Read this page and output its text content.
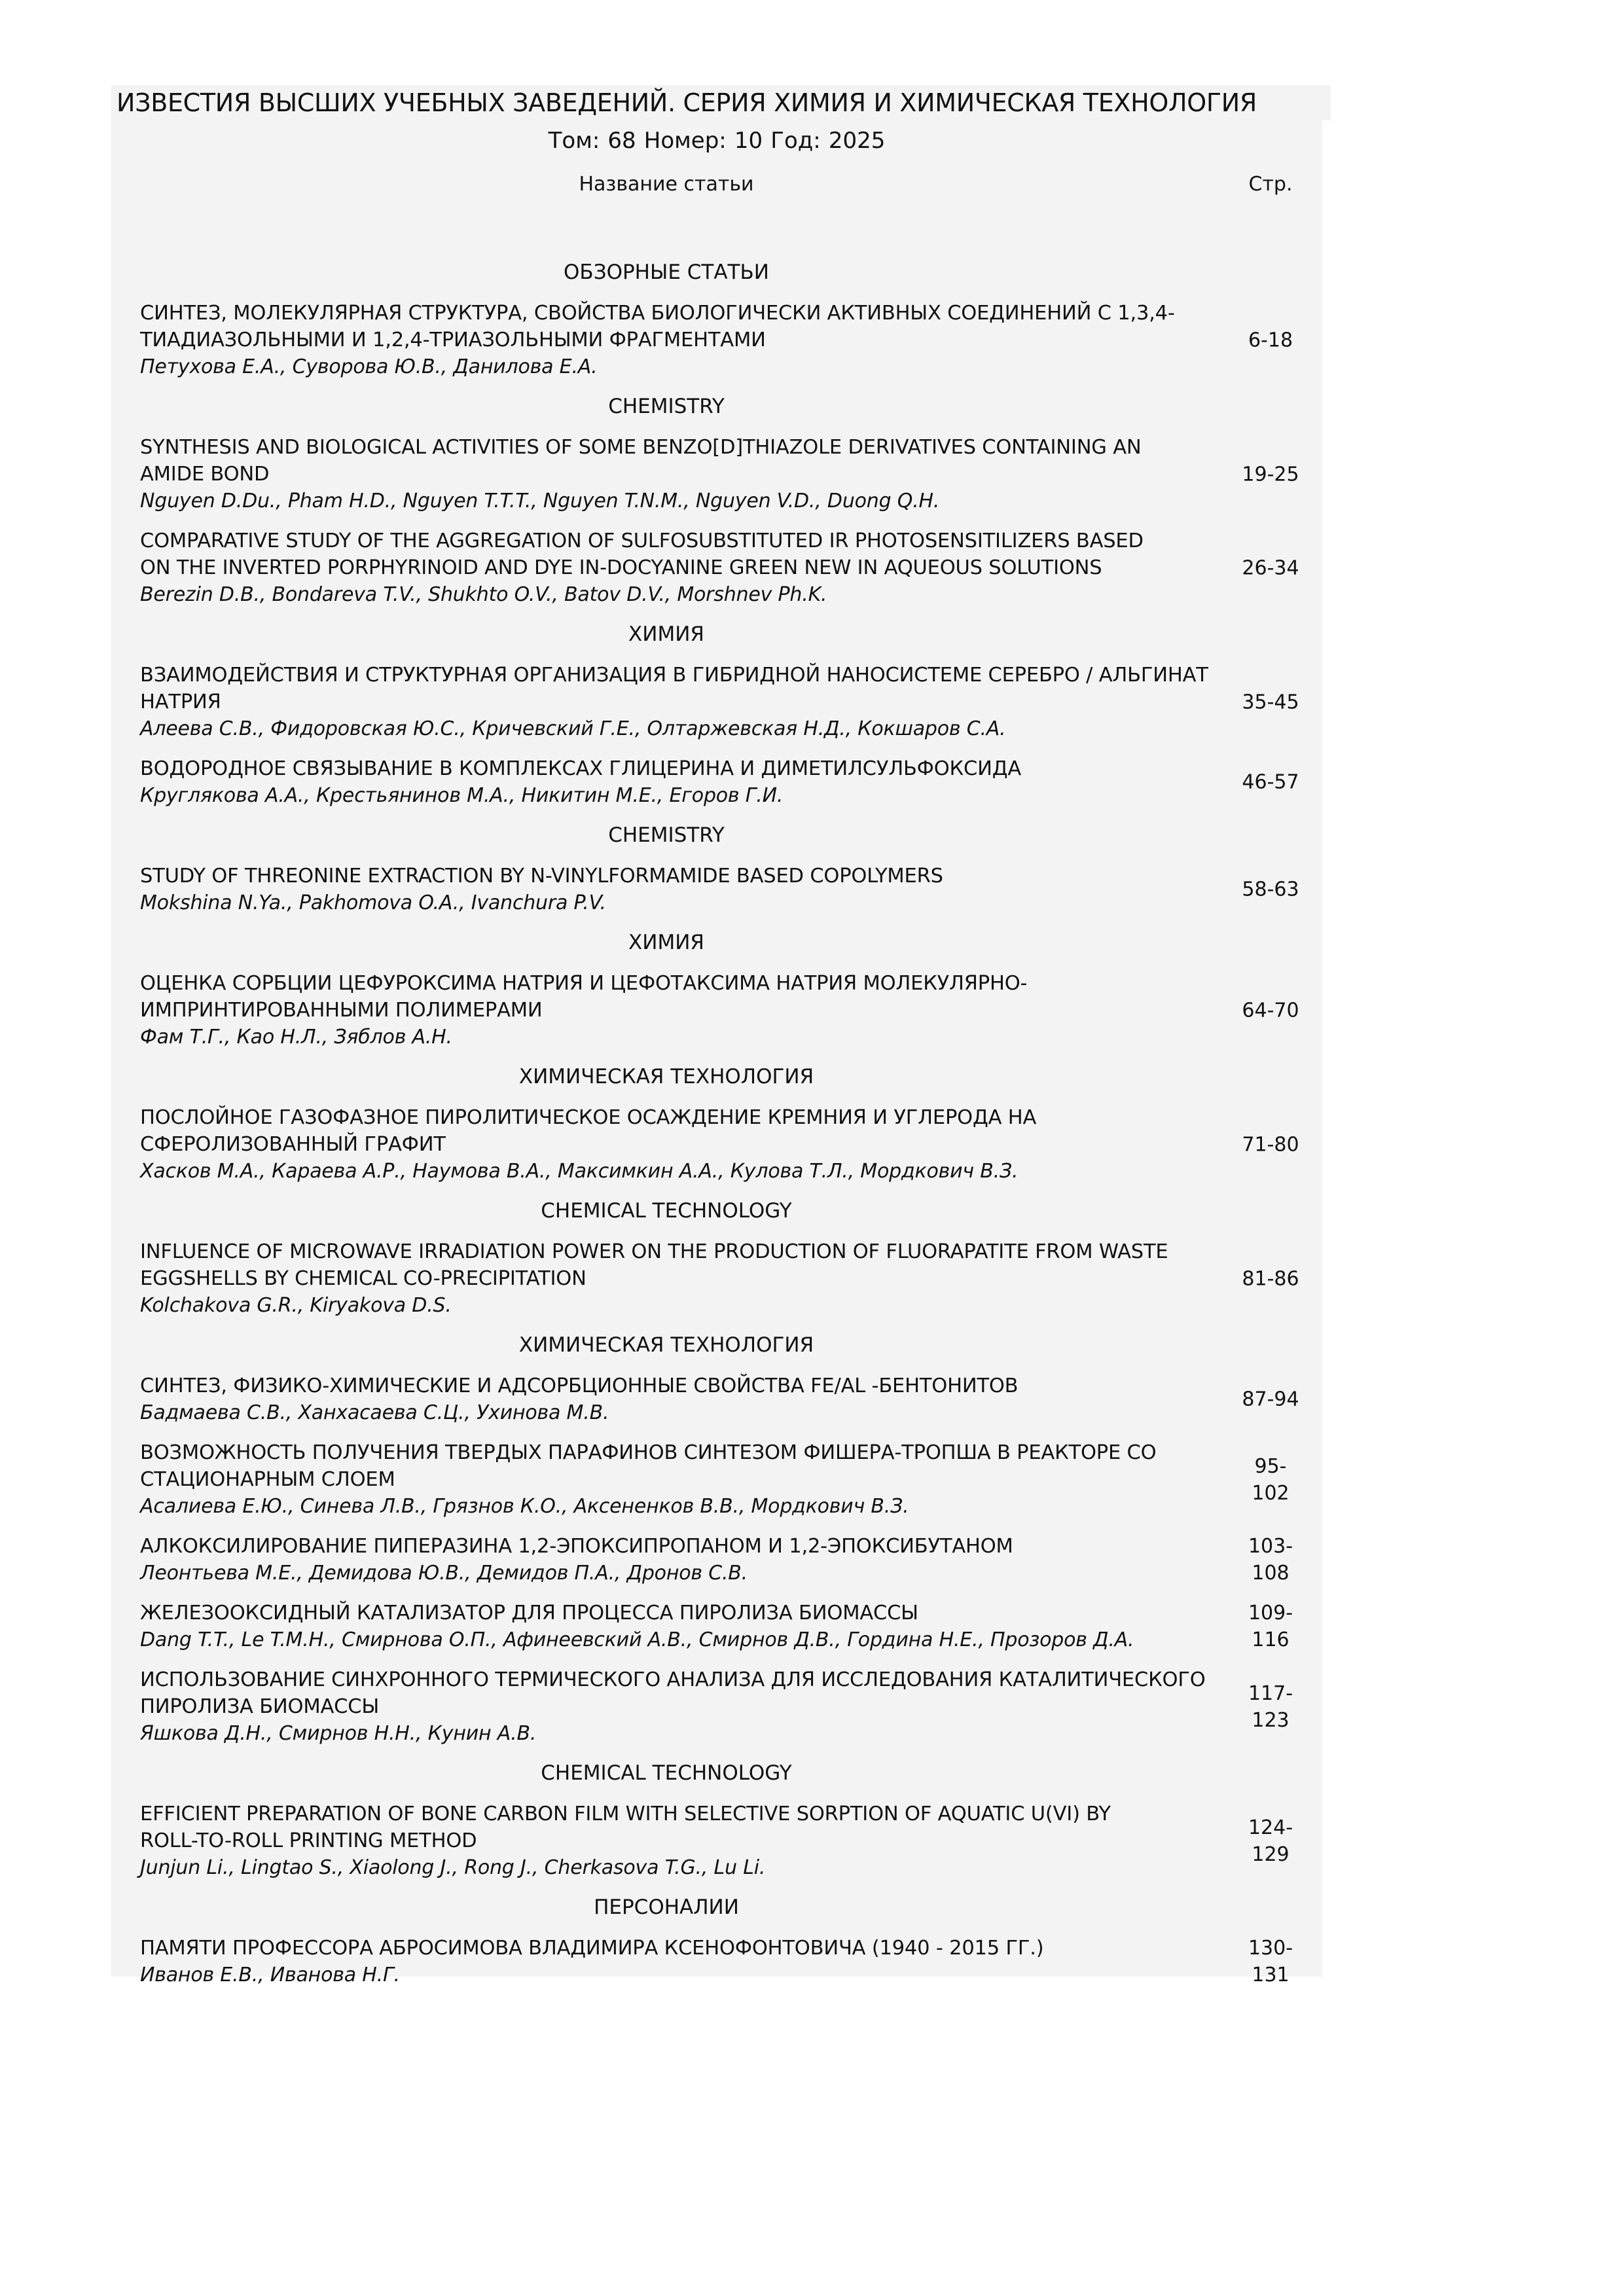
ИЗВЕСТИЯ ВЫСШИХ УЧЕБНЫХ ЗАВЕДЕНИЙ. СЕРИЯ ХИМИЯ И ХИМИЧЕСКАЯ ТЕХНОЛОГИЯ
Том: 68 Номер: 10 Год: 2025
Название статьи	Стр.
ОБЗОРНЫЕ СТАТЬИ
СИНТЕЗ, МОЛЕКУЛЯРНАЯ СТРУКТУРА, СВОЙСТВА БИОЛОГИЧЕСКИ АКТИВНЫХ СОЕДИНЕНИЙ С 1,3,4-
ТИАДИАЗОЛЬНЫМИ И 1,2,4-ТРИАЗОЛЬНЫМИ ФРАГМЕНТАМИ
Петухова Е.А., Суворова Ю.В., Данилова Е.А.
6-18
CHEMISTRY
SYNTHESIS AND BIOLOGICAL ACTIVITIES OF SOME BENZO[D]THIAZOLE DERIVATIVES CONTAINING AN
AMIDE BOND
Nguyen D.Du., Pham H.D., Nguyen T.T.T., Nguyen T.N.M., Nguyen V.D., Duong Q.H.
19-25
COMPARATIVE STUDY OF THE AGGREGATION OF SULFOSUBSTITUTED IR PHOTOSENSITILIZERS BASED
ON THE INVERTED PORPHYRINOID AND DYE IN-DOCYANINE GREEN NEW IN AQUEOUS SOLUTIONS
Berezin D.B., Bondareva T.V., Shukhto O.V., Batov D.V., Morshnev Ph.K.
26-34
ХИМИЯ
ВЗАИМОДЕЙСТВИЯ И СТРУКТУРНАЯ ОРГАНИЗАЦИЯ В ГИБРИДНОЙ НАНОСИСТЕМЕ СЕРЕБРО / АЛЬГИНАТ
НАТРИЯ
Алеева С.В., Фидоровская Ю.С., Кричевский Г.Е., Олтаржевская Н.Д., Кокшаров С.А.
35-45
ВОДОРОДНОЕ СВЯЗЫВАНИЕ В КОМПЛЕКСАХ ГЛИЦЕРИНА И ДИМЕТИЛСУЛЬФОКСИДА
Круглякова А.А., Крестьянинов М.А., Никитин М.Е., Егоров Г.И.
46-57
CHEMISTRY
STUDY OF THREONINE EXTRACTION BY N-VINYLFORMAMIDE BASED COPOLYMERS
Mokshina N.Ya., Pakhomova O.A., Ivanchura P.V.
58-63
ХИМИЯ
ОЦЕНКА СОРБЦИИ ЦЕФУРОКСИМА НАТРИЯ И ЦЕФОТАКСИМА НАТРИЯ МОЛЕКУЛЯРНО-
ИМПРИНТИРОВАННЫМИ ПОЛИМЕРАМИ
Фам Т.Г., Као Н.Л., Зяблов А.Н.
64-70
ХИМИЧЕСКАЯ ТЕХНОЛОГИЯ
ПОСЛОЙНОЕ ГАЗОФАЗНОЕ ПИРОЛИТИЧЕСКОЕ ОСАЖДЕНИЕ КРЕМНИЯ И УГЛЕРОДА НА
СФЕРОЛИЗОВАННЫЙ ГРАФИТ
Хасков М.А., Караева А.Р., Наумова В.А., Максимкин А.А., Кулова Т.Л., Мордкович В.З.
71-80
CHEMICAL TECHNOLOGY
INFLUENCE OF MICROWAVE IRRADIATION POWER ON THE PRODUCTION OF FLUORAPATITE FROM WASTE
EGGSHELLS BY CHEMICAL CO-PRECIPITATION
Kolchakova G.R., Kiryakova D.S.
81-86
ХИМИЧЕСКАЯ ТЕХНОЛОГИЯ
СИНТЕЗ, ФИЗИКО-ХИМИЧЕСКИЕ И АДСОРБЦИОННЫЕ СВОЙСТВА FE/AL -БЕНТОНИТОВ
Бадмаева С.В., Ханхасаева С.Ц., Ухинова М.В.
87-94
ВОЗМОЖНОСТЬ ПОЛУЧЕНИЯ ТВЕРДЫХ ПАРАФИНОВ СИНТЕЗОМ ФИШЕРА-ТРОПША В РЕАКТОРЕ СО
СТАЦИОНАРНЫМ СЛОЕМ
Асалиева Е.Ю., Синева Л.В., Грязнов К.О., Аксененков В.В., Мордкович В.З.
95-
102
АЛКОКСИЛИРОВАНИЕ ПИПЕРАЗИНА 1,2-ЭПОКСИПРОПАНОМ И 1,2-ЭПОКСИБУТАНОМ
Леонтьева М.Е., Демидова Ю.В., Демидов П.А., Дронов С.В.
103-
108
ЖЕЛЕЗООКСИДНЫЙ КАТАЛИЗАТОР ДЛЯ ПРОЦЕССА ПИРОЛИЗА БИОМАССЫ
Dang T.T., Le T.M.H., Смирнова О.П., Афинеевский А.В., Смирнов Д.В., Гордина Н.Е., Прозоров Д.А.
109-
116
ИСПОЛЬЗОВАНИЕ СИНХРОННОГО ТЕРМИЧЕСКОГО АНАЛИЗА ДЛЯ ИССЛЕДОВАНИЯ КАТАЛИТИЧЕСКОГО
ПИРОЛИЗА БИОМАССЫ
Яшкова Д.Н., Смирнов Н.Н., Кунин А.В.
117-
123
CHEMICAL TECHNOLOGY
EFFICIENT PREPARATION OF BONE CARBON FILM WITH SELECTIVE SORPTION OF AQUATIC U(VI) BY
ROLL-TO-ROLL PRINTING METHOD
Junjun Li., Lingtao S., Xiaolong J., Rong J., Cherkasova T.G., Lu Li.
124-
129
ПЕРСОНАЛИИ
ПАМЯТИ ПРОФЕССОРА АБРОСИМОВА ВЛАДИМИРА КСЕНОФОНТОВИЧА (1940 - 2015 ГГ.)
Иванов Е.В., Иванова Н.Г.
130-
131
